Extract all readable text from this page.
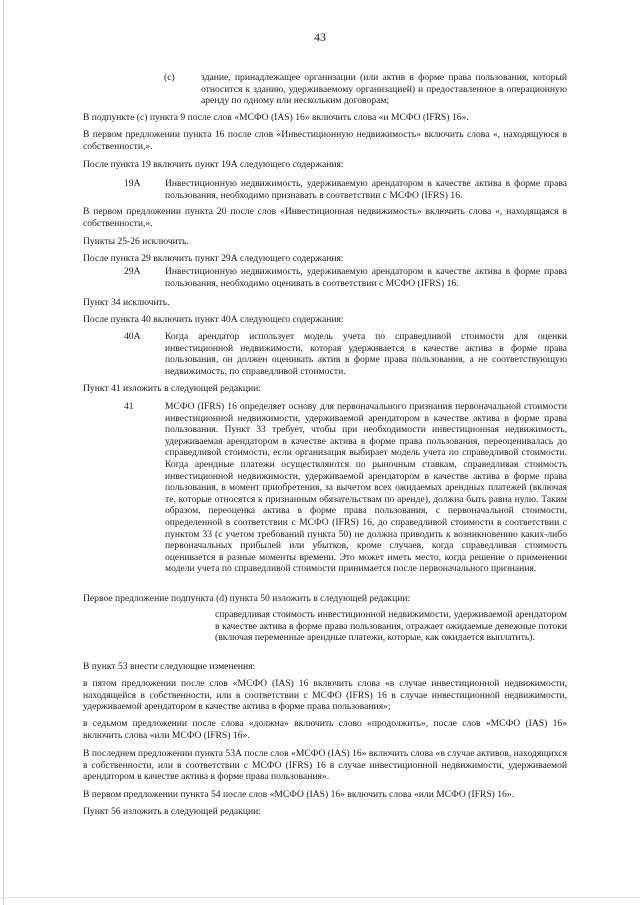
43
(с)	здание, принадлежащее организации (или актив в форме права пользования, который относится к зданию, удерживаемому организацией) и предоставленное в операционную аренду по одному или нескольким договорам;
В подпункте (с) пункта 9 после слов «МСФО (IAS) 16» включить слова «и МСФО (IFRS) 16».
В первом предложении пункта 16 после слов «Инвестиционную недвижимость» включить слова «, находящуюся в собственности,».
После пункта 19 включить пункт 19А следующего содержания:
19А	Инвестиционную недвижимость, удерживаемую арендатором в качестве актива в форме права пользования, необходимо признавать в соответствии с МСФО (IFRS) 16.
В первом предложении пункта 20 после слов «Инвестиционная недвижимость» включить слова «, находящаяся в собственности,».
Пункты 25-26 исключить.
После пункта 29 включить пункт 29А следующего содержания:
29А	Инвестиционную недвижимость, удерживаемую арендатором в качестве актива в форме права пользования, необходимо оценивать в соответствии с МСФО (IFRS) 16.
Пункт 34 исключить.
После пункта 40 включить пункт 40А следующего содержания:
40А	Когда арендатор использует модель учета по справедливой стоимости для оценки инвестиционной недвижимости, которая удерживается в качестве актива в форме права пользования, он должен оценивать актив в форме права пользования, а не соответствующую недвижимость, по справедливой стоимости.
Пункт 41 изложить в следующей редакции:
41	МСФО (IFRS) 16 определяет основу для первоначального признания первоначальной стоимости инвестиционной недвижимости, удерживаемой арендатором в качестве актива в форме права пользования. Пункт 33 требует, чтобы при необходимости инвестиционная недвижимость, удерживаемая арендатором в качестве актива в форме права пользования, переоценивалась до справедливой стоимости, если организация выбирает модель учета по справедливой стоимости. Когда арендные платежи осуществляются по рыночным ставкам, справедливая стоимость инвестиционной недвижимости, удерживаемой арендатором в качестве актива в форме права пользования, в момент приобретения, за вычетом всех ожидаемых арендных платежей (включая те, которые относятся к признанным обязательствам по аренде), должна быть равна нулю. Таким образом, переоценка актива в форме права пользования, с первоначальной стоимости, определенной в соответствии с МСФО (IFRS) 16, до справедливой стоимости в соответствии с пунктом 33 (с учетом требований пункта 50) не должна приводить к возникновению каких-либо первоначальных прибылей или убытков, кроме случаев, когда справедливая стоимость оценивается в разные моменты времени. Это может иметь место, когда решение о применении модели учета по справедливой стоимости принимается после первоначального признания.
Первое предложение подпункта (d) пункта 50 изложить в следующей редакции:
справедливая стоимость инвестиционной недвижимости, удерживаемой арендатором в качестве актива в форме права пользования, отражает ожидаемые денежные потоки (включая переменные арендные платежи, которые, как ожидается выплатить).
В пункт 53 внести следующие изменения:
в пятом предложении после слов «МСФО (IAS) 16 включить слова «в случае инвестиционной недвижимости, находящейся в собственности, или в соответствии с МСФО (IFRS) 16 в случае инвестиционной недвижимости, удерживаемой арендатором в качестве актива в форме права пользования»;
в седьмом предложении после слова «должна» включить слово «продолжить», после слов «МСФО (IAS) 16» включить слова «или МСФО (IFRS) 16».
В последнем предложении пункта 53А после слов «МСФО (IAS) 16» включить слова «в случае активов, находящихся в собственности, или в соответствии с МСФО (IFRS) 16 в случае инвестиционной недвижимости, удерживаемой арендатором в качестве актива в форме права пользования».
В первом предложении пункта 54 после слов «МСФО (IAS) 16» включить слова «или МСФО (IFRS) 16».
Пункт 56 изложить в следующей редакции:
